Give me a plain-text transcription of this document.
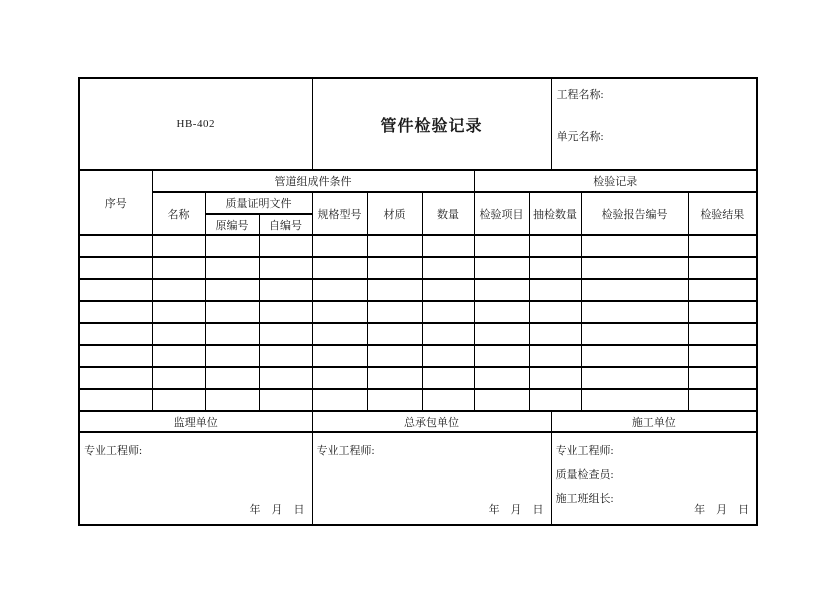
HB-402				管件检验记录					工程名称:
单元名称:		

序号	管道组成件条件						检验记录				
	名称	质量证明文件		规格型号	材质	数量	检验项目	抽检数量		检验报告编号	检验结果
		原编号	自编号								

监理单位				总承包单位					施工单位		

专业工程师:
年　月　日

专业工程师:
年　月　日

专业工程师:
质量检查员:
施工班组长:
年　月　日
